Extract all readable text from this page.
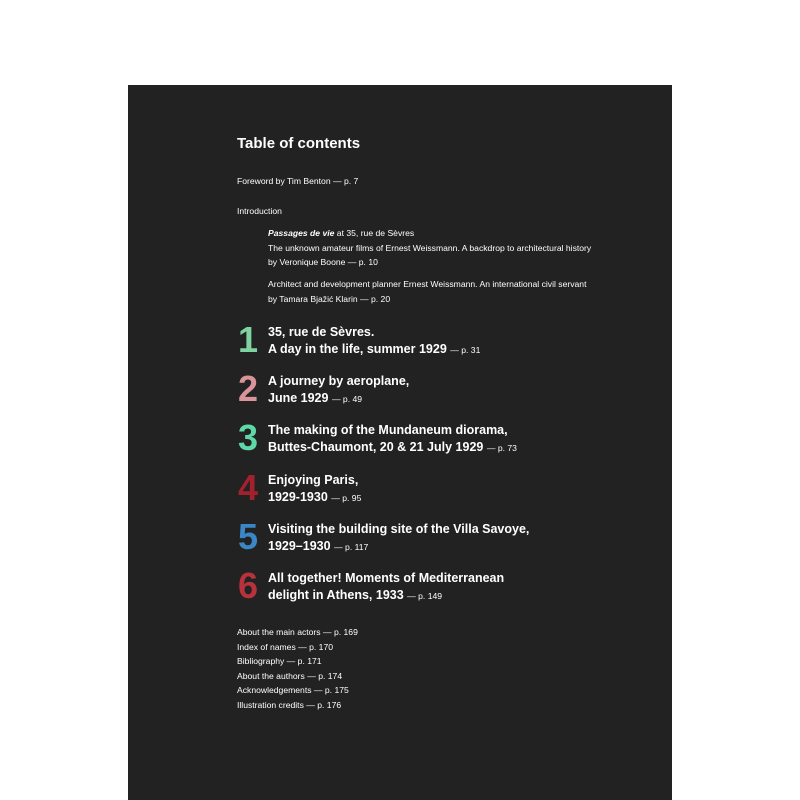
Table of contents
Foreword by Tim Benton — p. 7
Introduction
Passages de vie at 35, rue de Sèvres
The unknown amateur films of Ernest Weissmann. A backdrop to architectural history
by Veronique Boone — p. 10
Architect and development planner Ernest Weissmann. An international civil servant
by Tamara Bjažić Klarin — p. 20
1 35, rue de Sèvres.
A day in the life, summer 1929 — p. 31
2 A journey by aeroplane,
June 1929 — p. 49
3 The making of the Mundaneum diorama,
Buttes-Chaumont, 20 & 21 July 1929 — p. 73
4 Enjoying Paris,
1929-1930 — p. 95
5 Visiting the building site of the Villa Savoye,
1929–1930 — p. 117
6 All together! Moments of Mediterranean
delight in Athens, 1933 — p. 149
About the main actors — p. 169
Index of names — p. 170
Bibliography — p. 171
About the authors — p. 174
Acknowledgements — p. 175
Illustration credits — p. 176
